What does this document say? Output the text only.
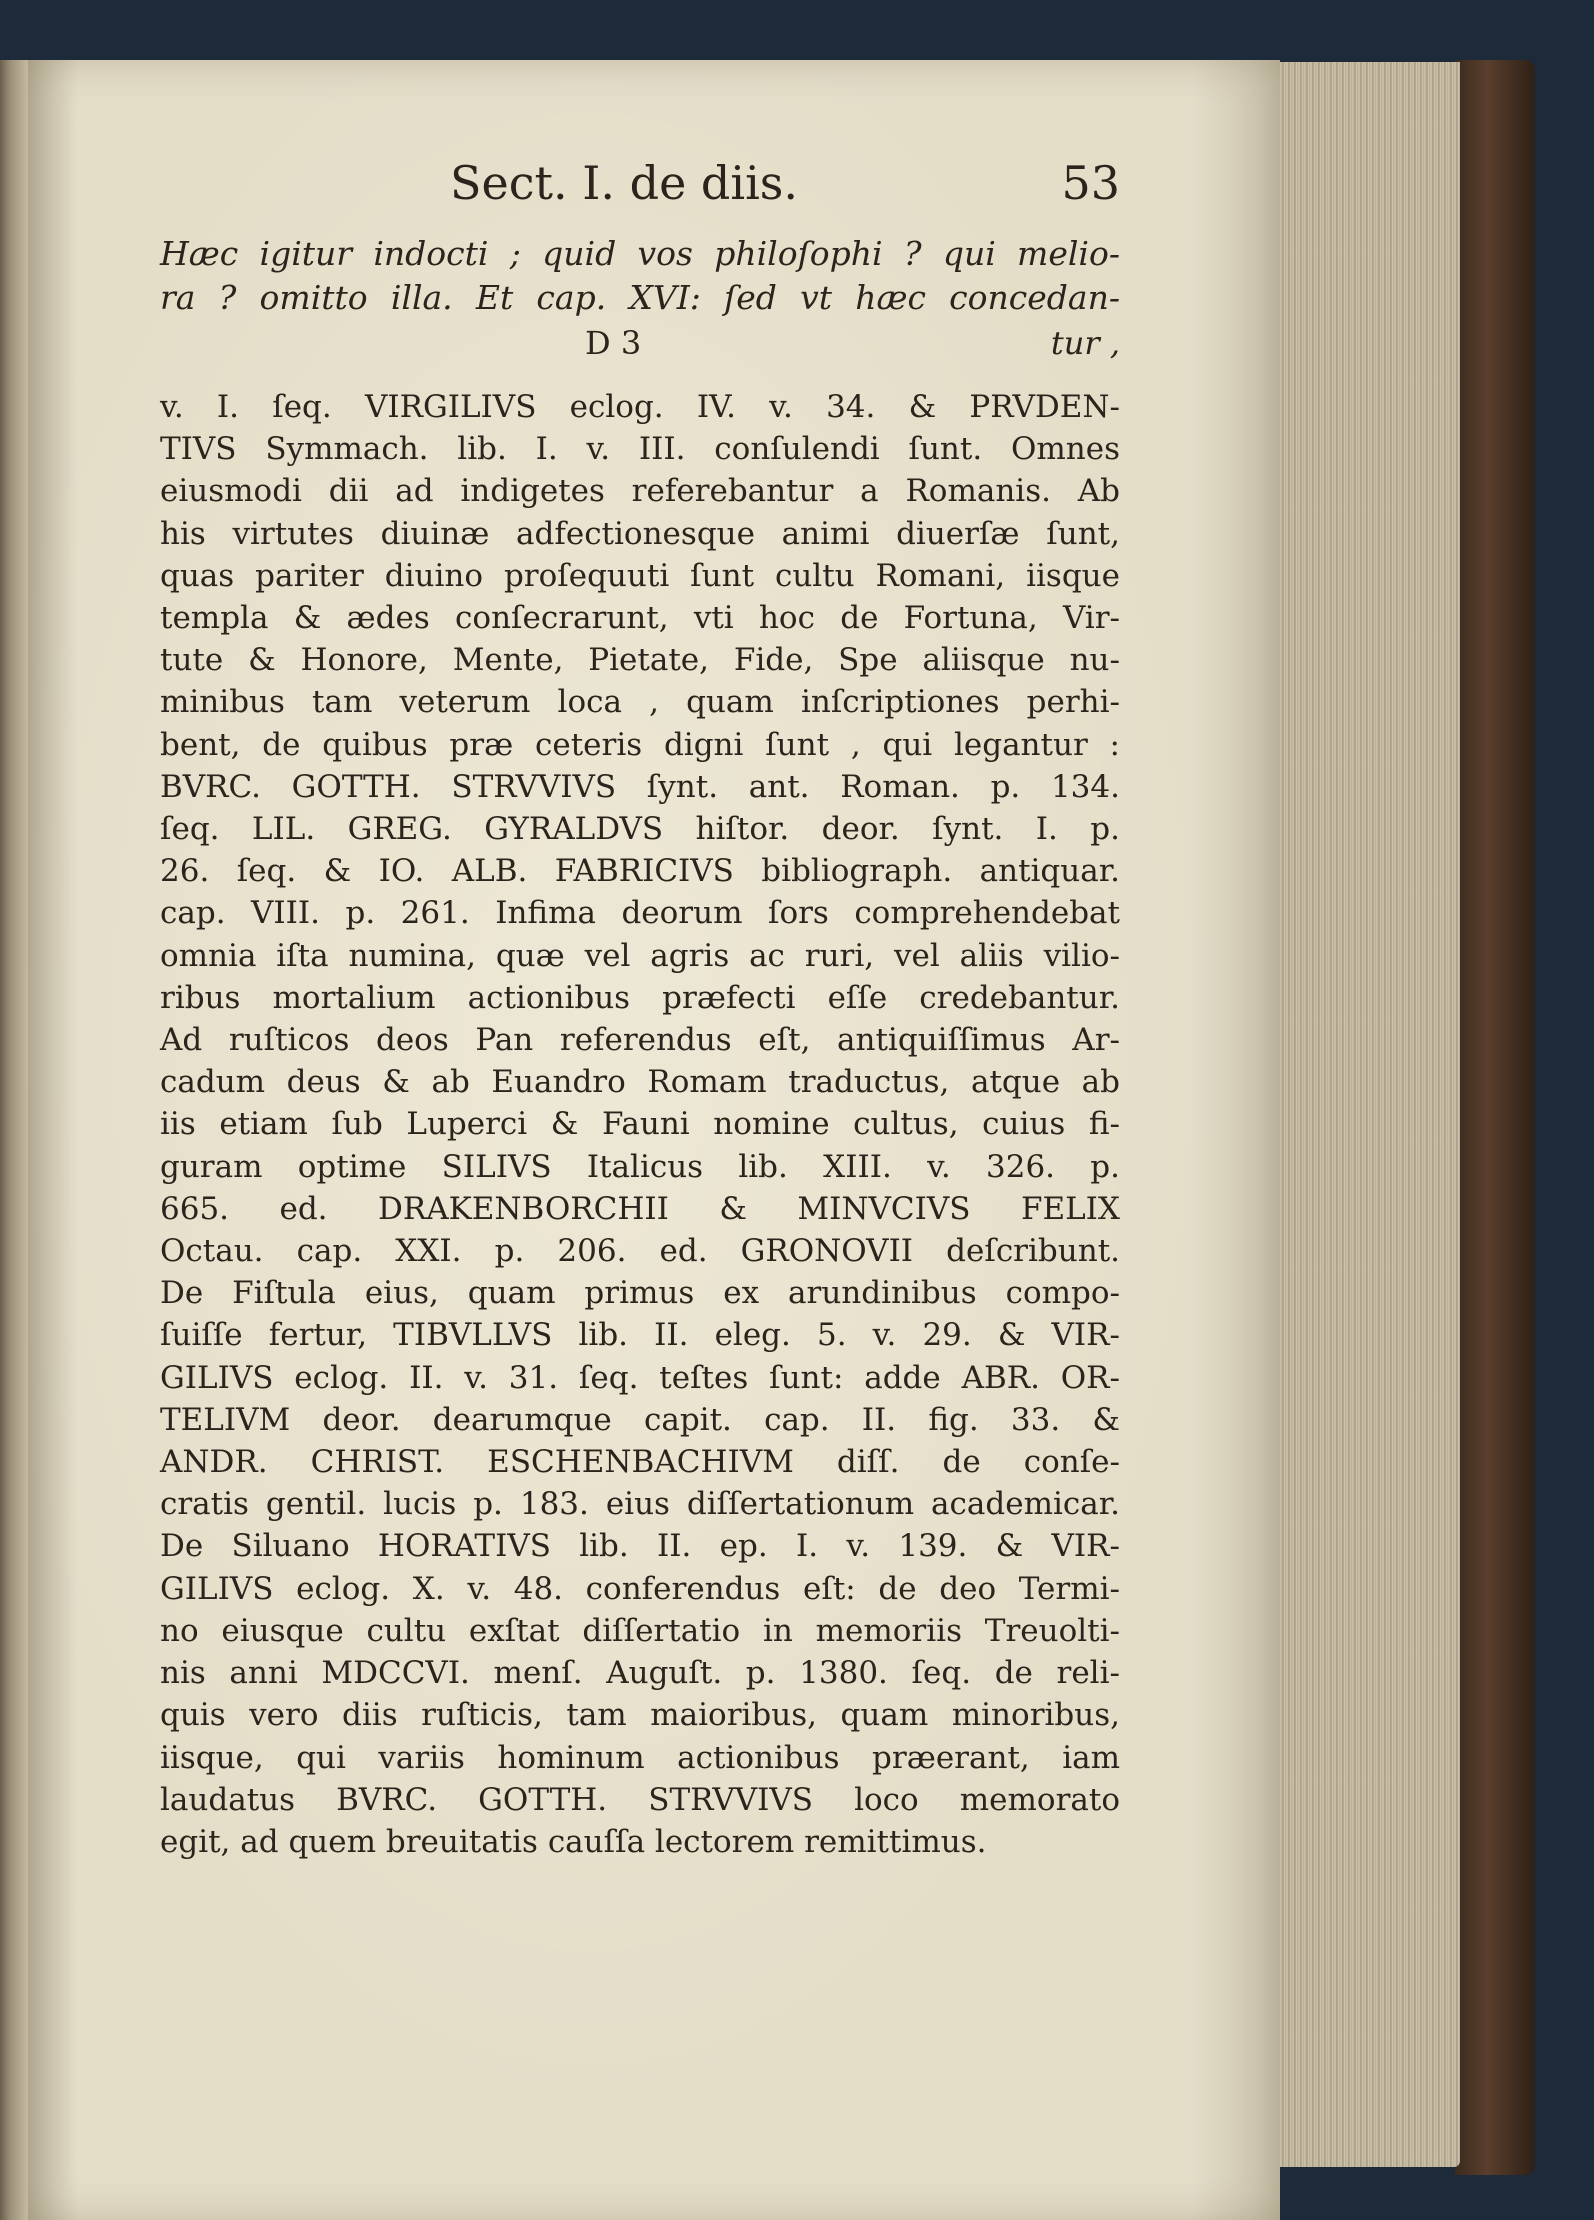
Sect. I. de diis.	53
Hæc igitur indocti ; quid vos philoſophi ? qui melio-
ra ? omitto illa. Et cap. XVI: ſed vt hæc concedan-
D 3	tur ,
v. I. ſeq. VIRGILIVS eclog. IV. v. 34. & PRVDEN-
TIVS Symmach. lib. I. v. III. conſulendi ſunt. Omnes
eiusmodi dii ad indigetes referebantur a Romanis. Ab
his virtutes diuinæ adfectionesque animi diuerſæ ſunt,
quas pariter diuino proſequuti ſunt cultu Romani, iisque
templa & ædes conſecrarunt, vti hoc de Fortuna, Vir-
tute & Honore, Mente, Pietate, Fide, Spe aliisque nu-
minibus tam veterum loca , quam inſcriptiones perhi-
bent, de quibus præ ceteris digni ſunt , qui legantur :
BVRC. GOTTH. STRVVIVS ſynt. ant. Roman. p. 134.
ſeq. LIL. GREG. GYRALDVS hiſtor. deor. ſynt. I. p.
26. ſeq. & IO. ALB. FABRICIVS bibliograph. antiquar.
cap. VIII. p. 261. Infima deorum ſors comprehendebat
omnia iſta numina, quæ vel agris ac ruri, vel aliis vilio-
ribus mortalium actionibus præfecti eſſe credebantur.
Ad ruſticos deos Pan referendus eſt, antiquiſſimus Ar-
cadum deus & ab Euandro Romam traductus, atque ab
iis etiam ſub Luperci & Fauni nomine cultus, cuius fi-
guram optime SILIVS Italicus lib. XIII. v. 326. p.
665. ed. DRAKENBORCHII & MINVCIVS FELIX
Octau. cap. XXI. p. 206. ed. GRONOVII deſcribunt.
De Fiſtula eius, quam primus ex arundinibus compo-
ſuiſſe fertur, TIBVLLVS lib. II. eleg. 5. v. 29. & VIR-
GILIVS eclog. II. v. 31. ſeq. teſtes ſunt: adde ABR. OR-
TELIVM deor. dearumque capit. cap. II. fig. 33. &
ANDR. CHRIST. ESCHENBACHIVM diſſ. de conſe-
cratis gentil. lucis p. 183. eius diſſertationum academicar.
De Siluano HORATIVS lib. II. ep. I. v. 139. & VIR-
GILIVS eclog. X. v. 48. conferendus eſt: de deo Termi-
no eiusque cultu exſtat diſſertatio in memoriis Treuolti-
nis anni MDCCVI. menſ. Auguſt. p. 1380. ſeq. de reli-
quis vero diis ruſticis, tam maioribus, quam minoribus,
iisque, qui variis hominum actionibus præerant, iam
laudatus BVRC. GOTTH. STRVVIVS loco memorato
egit, ad quem breuitatis cauſſa lectorem remittimus.
